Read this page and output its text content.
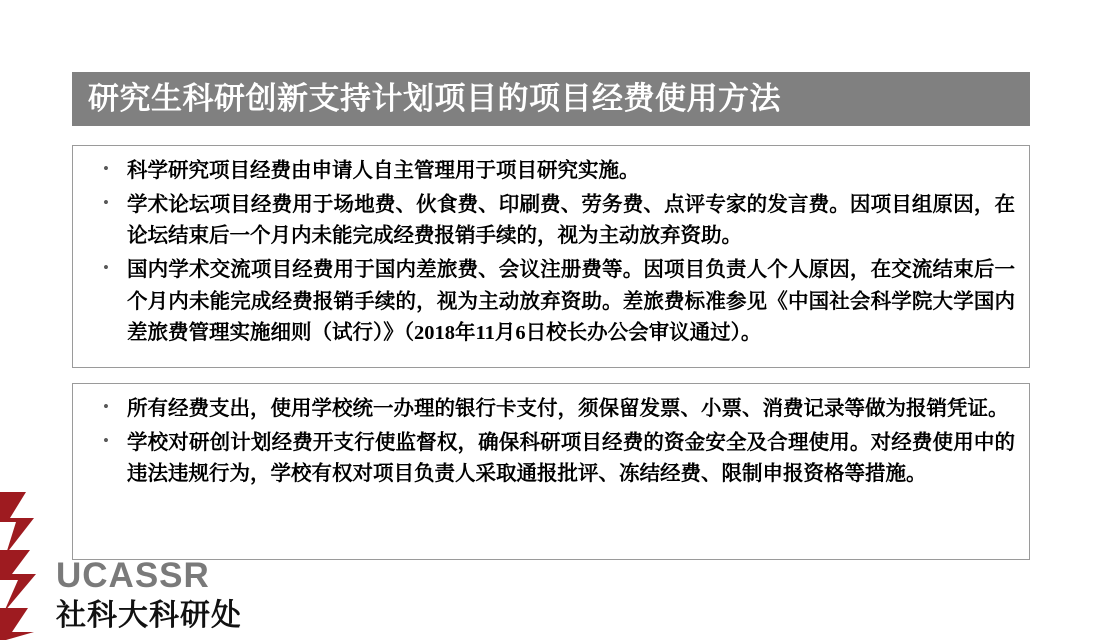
研究生科研创新支持计划项目的项目经费使用方法
• 科学研究项目经费由申请人自主管理用于项目研究实施。
• 学术论坛项目经费用于场地费、伙食费、印刷费、劳务费、点评专家的发言费。因项目组原因，在论坛结束后一个月内未能完成经费报销手续的，视为主动放弃资助。
• 国内学术交流项目经费用于国内差旅费、会议注册费等。因项目负责人个人原因，在交流结束后一个月内未能完成经费报销手续的，视为主动放弃资助。差旅费标准参见《中国社会科学院大学国内差旅费管理实施细则（试行）》（2018年11月6日校长办公会审议通过）。
• 所有经费支出，使用学校统一办理的银行卡支付，须保留发票、小票、消费记录等做为报销凭证。
• 学校对研创计划经费开支行使监督权，确保科研项目经费的资金安全及合理使用。对经费使用中的违法违规行为，学校有权对项目负责人采取通报批评、冻结经费、限制申报资格等措施。
UCASSR
社科大科研处
